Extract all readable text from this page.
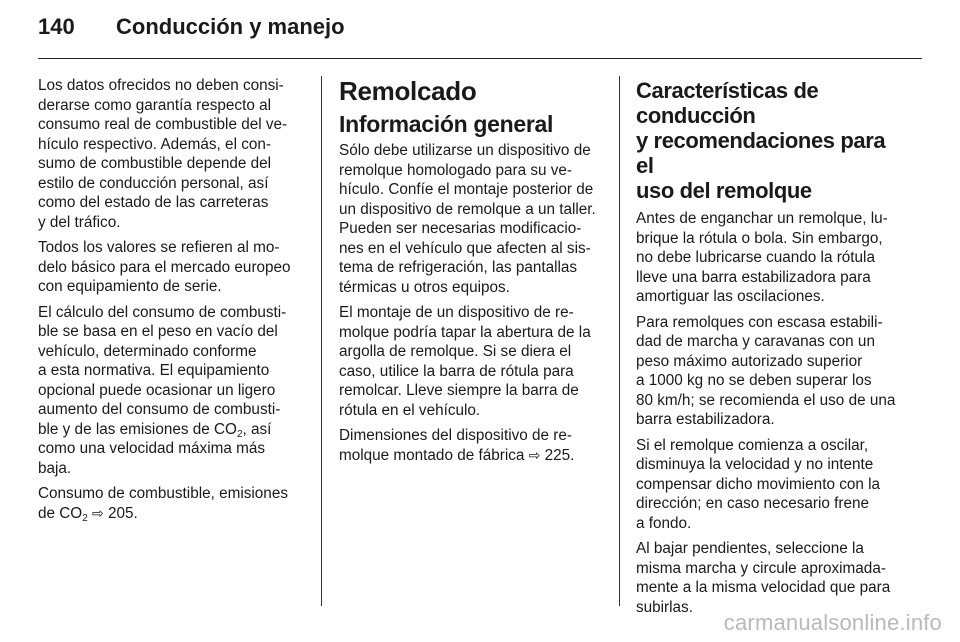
140	Conducción y manejo

Los datos ofrecidos no deben consi-
derarse como garantía respecto al
consumo real de combustible del ve-
hículo respectivo. Además, el con-
sumo de combustible depende del
estilo de conducción personal, así
como del estado de las carreteras
y del tráfico.

Todos los valores se refieren al mo-
delo básico para el mercado europeo
con equipamiento de serie.

El cálculo del consumo de combusti-
ble se basa en el peso en vacío del
vehículo, determinado conforme
a esta normativa. El equipamiento
opcional puede ocasionar un ligero
aumento del consumo de combusti-
ble y de las emisiones de $CO_2$, así
como una velocidad máxima más
baja.

Consumo de combustible, emisiones
de $CO_2$ ⇨ 205.

Remolcado
Información general

Sólo debe utilizarse un dispositivo de
remolque homologado para su ve-
hículo. Confíe el montaje posterior de
un dispositivo de remolque a un taller.
Pueden ser necesarias modificacio-
nes en el vehículo que afecten al sis-
tema de refrigeración, las pantallas
térmicas u otros equipos.

El montaje de un dispositivo de re-
molque podría tapar la abertura de la
argolla de remolque. Si se diera el
caso, utilice la barra de rótula para
remolcar. Lleve siempre la barra de
rótula en el vehículo.

Dimensiones del dispositivo de re-
molque montado de fábrica ⇨ 225.

Características de
conducción
y recomendaciones para el
uso del remolque

Antes de enganchar un remolque, lu-
brique la rótula o bola. Sin embargo,
no debe lubricarse cuando la rótula
lleve una barra estabilizadora para
amortiguar las oscilaciones.

Para remolques con escasa estabili-
dad de marcha y caravanas con un
peso máximo autorizado superior
a 1000 kg no se deben superar los
80 km/h; se recomienda el uso de una
barra estabilizadora.

Si el remolque comienza a oscilar,
disminuya la velocidad y no intente
compensar dicho movimiento con la
dirección; en caso necesario frene
a fondo.

Al bajar pendientes, seleccione la
misma marcha y circule aproximada-
mente a la misma velocidad que para
subirlas.

carmanualsonline.info
